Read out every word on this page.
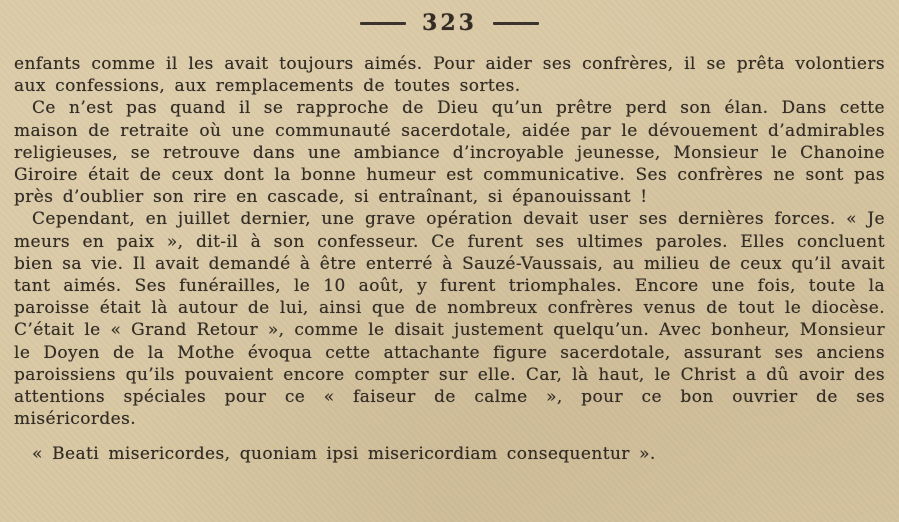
323

enfants comme il les avait toujours aimés. Pour aider ses confrères, il se prêta volontiers aux confessions, aux remplacements de toutes sortes.

Ce n’est pas quand il se rapproche de Dieu qu’un prêtre perd son élan. Dans cette maison de retraite où une communauté sacerdotale, aidée par le dévouement d’admirables religieuses, se retrouve dans une ambiance d’incroyable jeunesse, Monsieur le Chanoine Giroire était de ceux dont la bonne humeur est communicative. Ses confrères ne sont pas près d’oublier son rire en cascade, si entraînant, si épanouissant !

Cependant, en juillet dernier, une grave opération devait user ses dernières forces. « Je meurs en paix », dit-il à son confesseur. Ce furent ses ultimes paroles. Elles concluent bien sa vie. Il avait demandé à être enterré à Sauzé-Vaussais, au milieu de ceux qu’il avait tant aimés. Ses funérailles, le 10 août, y furent triomphales. Encore une fois, toute la paroisse était là autour de lui, ainsi que de nombreux confrères venus de tout le diocèse. C’était le « Grand Retour », comme le disait justement quelqu’un. Avec bonheur, Monsieur le Doyen de la Mothe évoqua cette attachante figure sacerdotale, assurant ses anciens paroissiens qu’ils pouvaient encore compter sur elle. Car, là haut, le Christ a dû avoir des attentions spéciales pour ce « faiseur de calme », pour ce bon ouvrier de ses miséricordes.

« Beati misericordes, quoniam ipsi misericordiam consequentur ».
